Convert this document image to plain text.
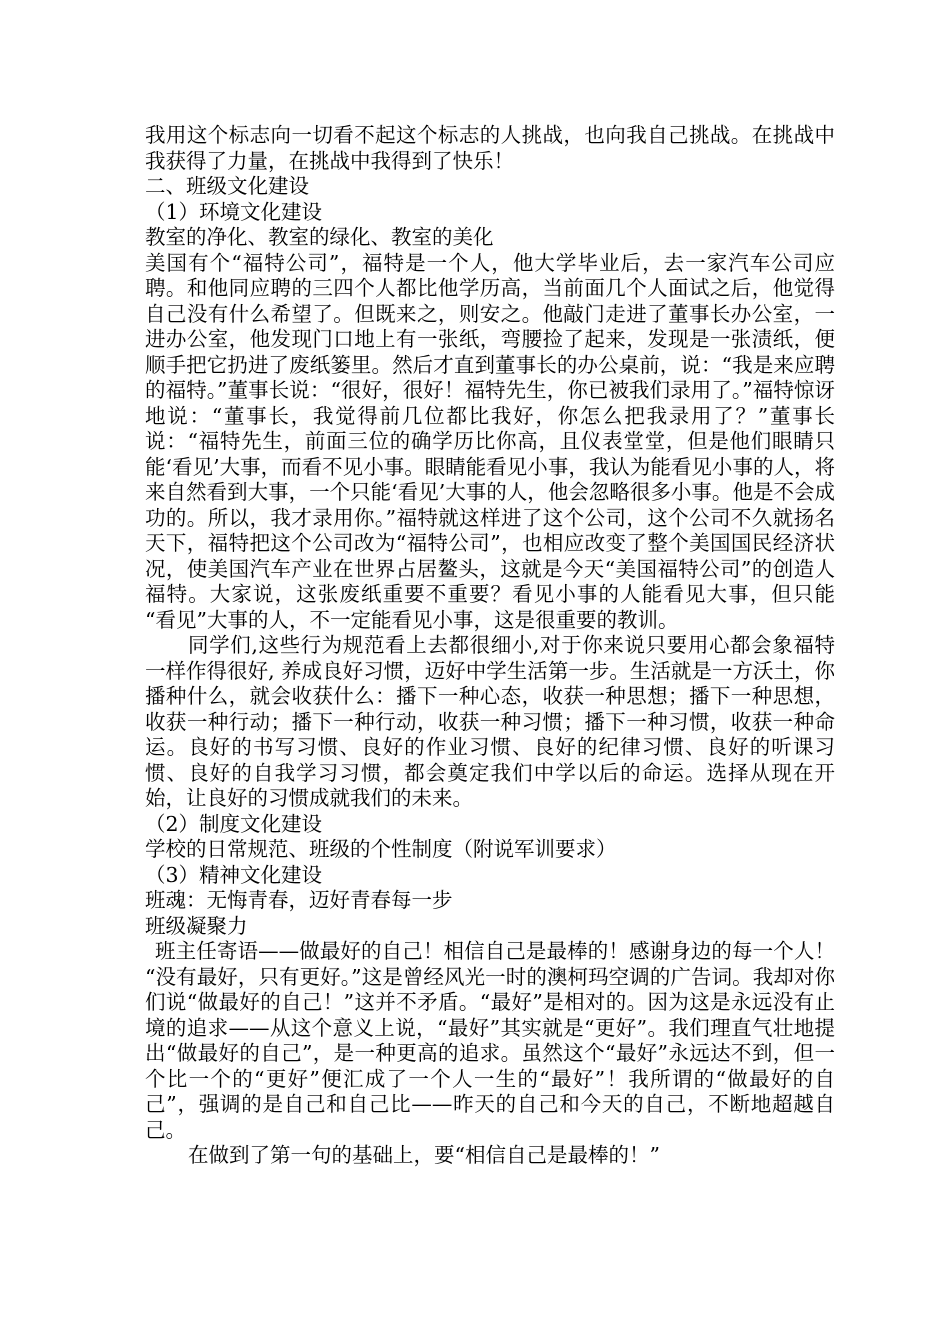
我用这个标志向一切看不起这个标志的人挑战，也向我自己挑战。在挑战中我获得了力量，在挑战中我得到了快乐！

二、班级文化建设

（1）环境文化建设

教室的净化、教室的绿化、教室的美化

美国有个“福特公司”，福特是一个人，他大学毕业后，去一家汽车公司应聘。和他同应聘的三四个人都比他学历高，当前面几个人面试之后，他觉得自己没有什么希望了。但既来之，则安之。他敲门走进了董事长办公室，一进办公室，他发现门口地上有一张纸，弯腰捡了起来，发现是一张渍纸，便顺手把它扔进了废纸篓里。然后才直到董事长的办公桌前，说：“我是来应聘的福特。”董事长说：“很好，很好！福特先生，你已被我们录用了。”福特惊讶地说：“董事长，我觉得前几位都比我好，你怎么把我录用了？”董事长说：“福特先生，前面三位的确学历比你高，且仪表堂堂，但是他们眼睛只能‘看见’大事，而看不见小事。眼睛能看见小事，我认为能看见小事的人，将来自然看到大事，一个只能‘看见’大事的人，他会忽略很多小事。他是不会成功的。所以，我才录用你。”福特就这样进了这个公司，这个公司不久就扬名天下，福特把这个公司改为“福特公司”，也相应改变了整个美国国民经济状况，使美国汽车产业在世界占居鳌头，这就是今天“美国福特公司”的创造人福特。大家说，这张废纸重要不重要？看见小事的人能看见大事，但只能 “看见”大事的人，不一定能看见小事，这是很重要的教训。

同学们,这些行为规范看上去都很细小,对于你来说只要用心都会象福特一样作得很好, 养成良好习惯，迈好中学生活第一步。生活就是一方沃土，你播种什么，就会收获什么：播下一种心态，收获一种思想；播下一种思想，收获一种行动；播下一种行动，收获一种习惯；播下一种习惯，收获一种命运。良好的书写习惯、良好的作业习惯、良好的纪律习惯、良好的听课习惯、良好的自我学习习惯，都会奠定我们中学以后的命运。选择从现在开始，让良好的习惯成就我们的未来。

（2）制度文化建设

学校的日常规范、班级的个性制度（附说军训要求）

（3）精神文化建设

班魂：无悔青春，迈好青春每一步

班级凝聚力

班主任寄语——做最好的自己！相信自己是最棒的！感谢身边的每一个人！　“没有最好，只有更好。”这是曾经风光一时的澳柯玛空调的广告词。我却对你们说“做最好的自己！”这并不矛盾。“最好”是相对的。因为这是永远没有止境的追求——从这个意义上说，“最好”其实就是“更好”。我们理直气壮地提出“做最好的自己”，是一种更高的追求。虽然这个“最好”永远达不到，但一个比一个的“更好”便汇成了一个人一生的“最好”！我所谓的“做最好的自己”，强调的是自己和自己比——昨天的自己和今天的自己，不断地超越自己。

在做到了第一句的基础上，要“相信自己是最棒的！”
